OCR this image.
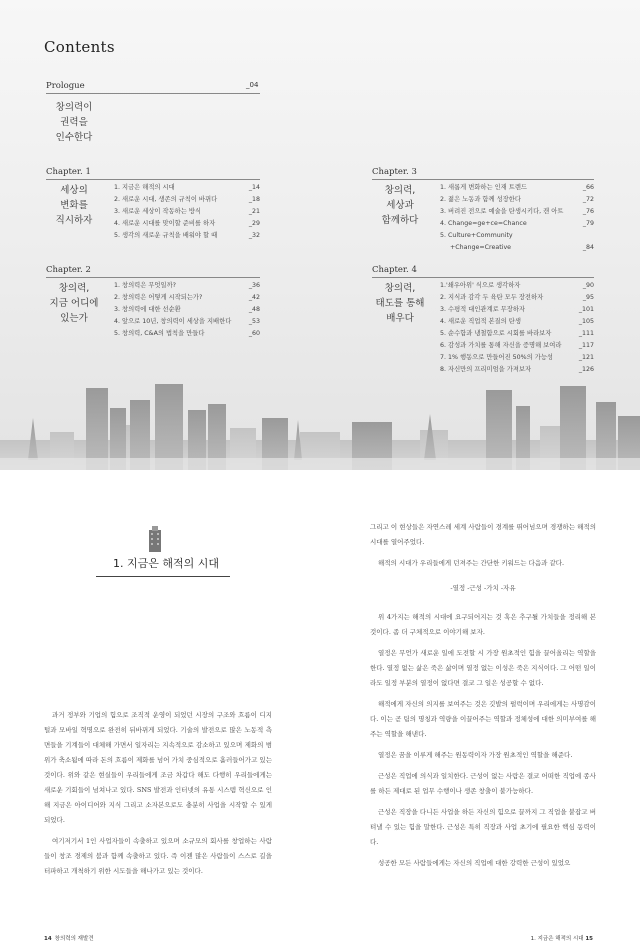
Contents
Prologue	_04
창의력이
권력을
인수한다
Chapter. 1
세상의
변화를
직시하자
1. 지금은 해적의 시대	_14
2. 새로운 시대, 생존의 규칙이 바뀌다	_18
3. 새로운 세상이 작동하는 방식	_21
4. 새로운 시대를 맞이할 준비를 하자	_29
5. 생각의 새로운 규칙을 배워야 할 때	_32
Chapter. 2
창의력,
지금 어디에
있는가
1. 창의력은 무엇일까?	_36
2. 창의력은 어떻게 시작되는가?	_42
3. 창의력에 대한 선순환	_48
4. 앞으로 10년, 창의력이 세상을 지배한다	_53
5. 창의력, C&A의 법칙을 만들다	_60
Chapter. 3
창의력,
세상과
함께하다
1. 새롭게 변화하는 인재 트렌드	_66
2. 젊은 노동과 함께 성장한다	_72
3. 버려진 전으로 예술을 탄생시키다, 캔 아트	_76
4. Change=ge+ce=Chance	_79
5. Culture+Community
+Change=Creative	_84
Chapter. 4
창의력,
태도를 통해
배우다
1.'쇄우아위' 식으로 생각하자	_90
2. 지식과 감각 두 육탄 모두 장전하자	_95
3. 수평적 대인관계로 무장하자	_101
4. 새로운 직업적 본질의 탄생	_105
5. 순수함과 냉철함으로 시회를 바라보자	_111
6. 감성과 가치를 통해 자신을 증명해 보여라	_117
7. 1% 행동으로 만들어진 50%의 가능성	_121
8. 자신만의 프리미엄을 가져보자	_126
1. 지금은 해적의 시대

과거 정부와 기업의 힘으로 조직적 운영이 되었던 시장의 구조와 흐름이 디지털과 모바일 혁명으로 완전히 뒤바뀌게 되었다. 기술의 발전으로 많은 노동적 측면들을 기계들이 대체해 가면서 일자리는 지속적으로 감소하고 있으며 제화의 범위가 축소됨에 따라 돈의 흐름이 제화를 넘어 가치 중심적으로 흘러들어가고 있는 것이다. 위와 같은 현실들이 우리들에게 조금 차갑다 해도 다행히 우리들에게는 새로운 기회들이 넘쳐나고 있다. SNS 발전과 인터넷의 유통 시스템 혁신으로 인해 지금은 아이디어와 지식 그리고 소자본으로도 충분히 사업을 시작할 수 있게 되었다.

여기저기서 1인 사업자들이 속출하고 있으며 소규모의 회사를 창업하는 사람들이 창조 경제의 붐과 함께 속출하고 있다. 즉 이젠 많은 사람들이 스스로 길을 터파하고 개척하기 위한 시도들을 해나가고 있는 것이다.

그리고 이 현상들은 자연스레 세계 사람들이 경계를 뛰어넘으며 경쟁하는 해적의 시대를 열어주었다.

해적의 시대가 우리들에게 던져주는 간단한 키워드는 다음과 같다.

-열정 -근성 -가치 -자유

위 4가지는 해적의 시대에 요구되어지는 것 혹은 추구될 가치들을 정리해 본 것이다. 좀 더 구체적으로 이야기해 보자.

열정은 무언가 새로운 일에 도전할 시 가장 원초적인 힘을 끌어올리는 역할을 한다. 열정 없는 삶은 죽은 삶이며 열정 없는 이성은 죽은 지식이다. 그 어떤 일이라도 일정 부분의 열정이 없다면 결코 그 일은 성공할 수 없다.

해적에게 자신의 의지를 보여주는 것은 깃발의 펄럭이며 우리에게는 사명감이다. 이는 곧 팀의 명칭과 역량을 이끌어주는 역할과 정체성에 대한 의미부여를 해주는 역할을 해낸다.

열정은 꿈을 이루게 해주는 원동력이자 가장 원초적인 역할을 해준다.

근성은 직업에 의식과 일치한다. 근성이 없는 사람은 결코 어떠한 직업에 종사를 하든 제대로 된 업무 수행이나 생존 창출이 불가능하다.

근성은 직장을 다니든 사업을 하든 자신의 힘으로 끌까지 그 직업을 붙잡고 버텨낼 수 있는 힘을 말한다. 근성은 특히 직장과 사업 초기에 필요한 핵심 동력이다.

성공한 모든 사람들에게는 자신의 직업에 대한 강력한 근성이 있었으

14 창의력의 재발견	1. 지금은 해적의 시대 15
